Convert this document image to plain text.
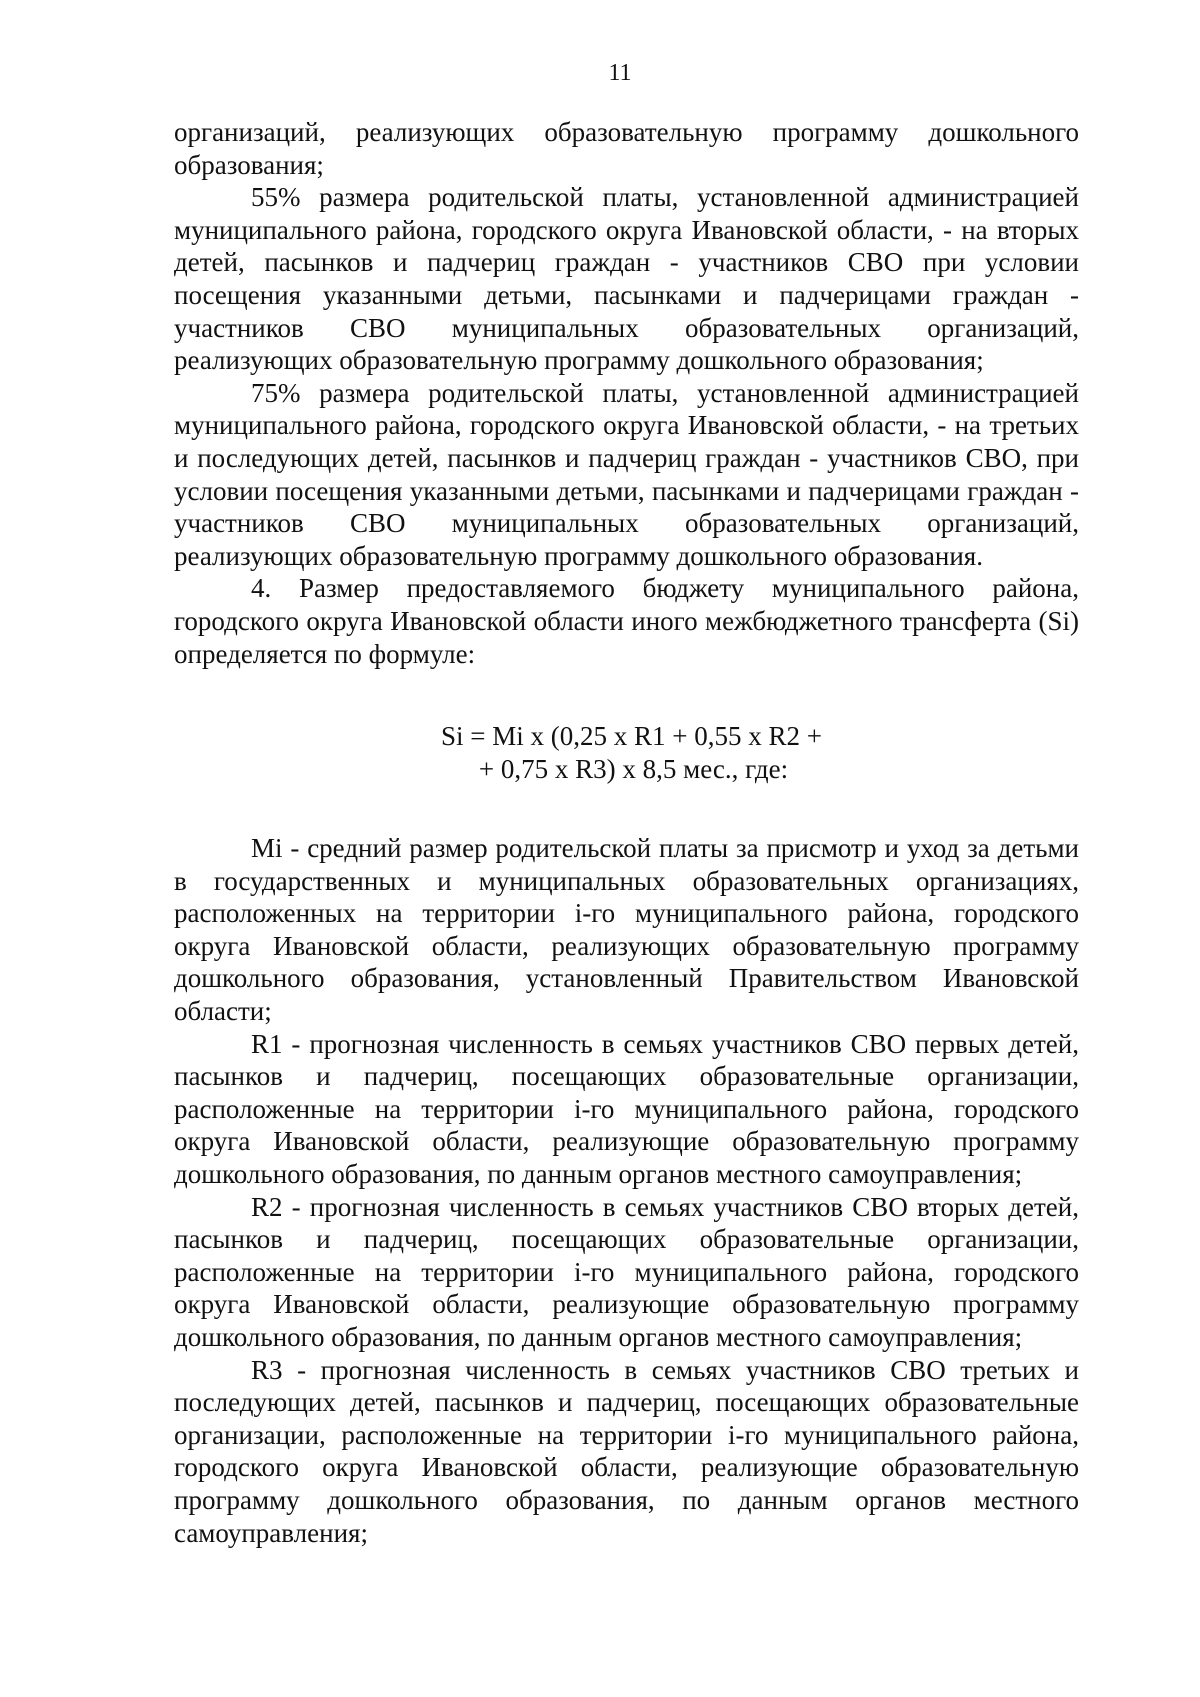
11

организаций, реализующих образовательную программу дошкольного образования;

55% размера родительской платы, установленной администрацией муниципального района, городского округа Ивановской области, - на вторых детей, пасынков и падчериц граждан - участников СВО при условии посещения указанными детьми, пасынками и падчерицами граждан - участников СВО муниципальных образовательных организаций, реализующих образовательную программу дошкольного образования;

75% размера родительской платы, установленной администрацией муниципального района, городского округа Ивановской области, - на третьих и последующих детей, пасынков и падчериц граждан - участников СВО, при условии посещения указанными детьми, пасынками и падчерицами граждан - участников СВО муниципальных образовательных организаций, реализующих образовательную программу дошкольного образования.

4. Размер предоставляемого бюджету муниципального района, городского округа Ивановской области иного межбюджетного трансферта (Si) определяется по формуле:

Si = Mi x (0,25 x R1 + 0,55 x R2 +
+ 0,75 x R3) x 8,5 мес., где:

Mi - средний размер родительской платы за присмотр и уход за детьми в государственных и муниципальных образовательных организациях, расположенных на территории i-го муниципального района, городского округа Ивановской области, реализующих образовательную программу дошкольного образования, установленный Правительством Ивановской области;

R1 - прогнозная численность в семьях участников СВО первых детей, пасынков и падчериц, посещающих образовательные организации, расположенные на территории i-го муниципального района, городского округа Ивановской области, реализующие образовательную программу дошкольного образования, по данным органов местного самоуправления;

R2 - прогнозная численность в семьях участников СВО вторых детей, пасынков и падчериц, посещающих образовательные организации, расположенные на территории i-го муниципального района, городского округа Ивановской области, реализующие образовательную программу дошкольного образования, по данным органов местного самоуправления;

R3 - прогнозная численность в семьях участников СВО третьих и последующих детей, пасынков и падчериц, посещающих образовательные организации, расположенные на территории i-го муниципального района, городского округа Ивановской области, реализующие образовательную программу дошкольного образования, по данным органов местного самоуправления;
